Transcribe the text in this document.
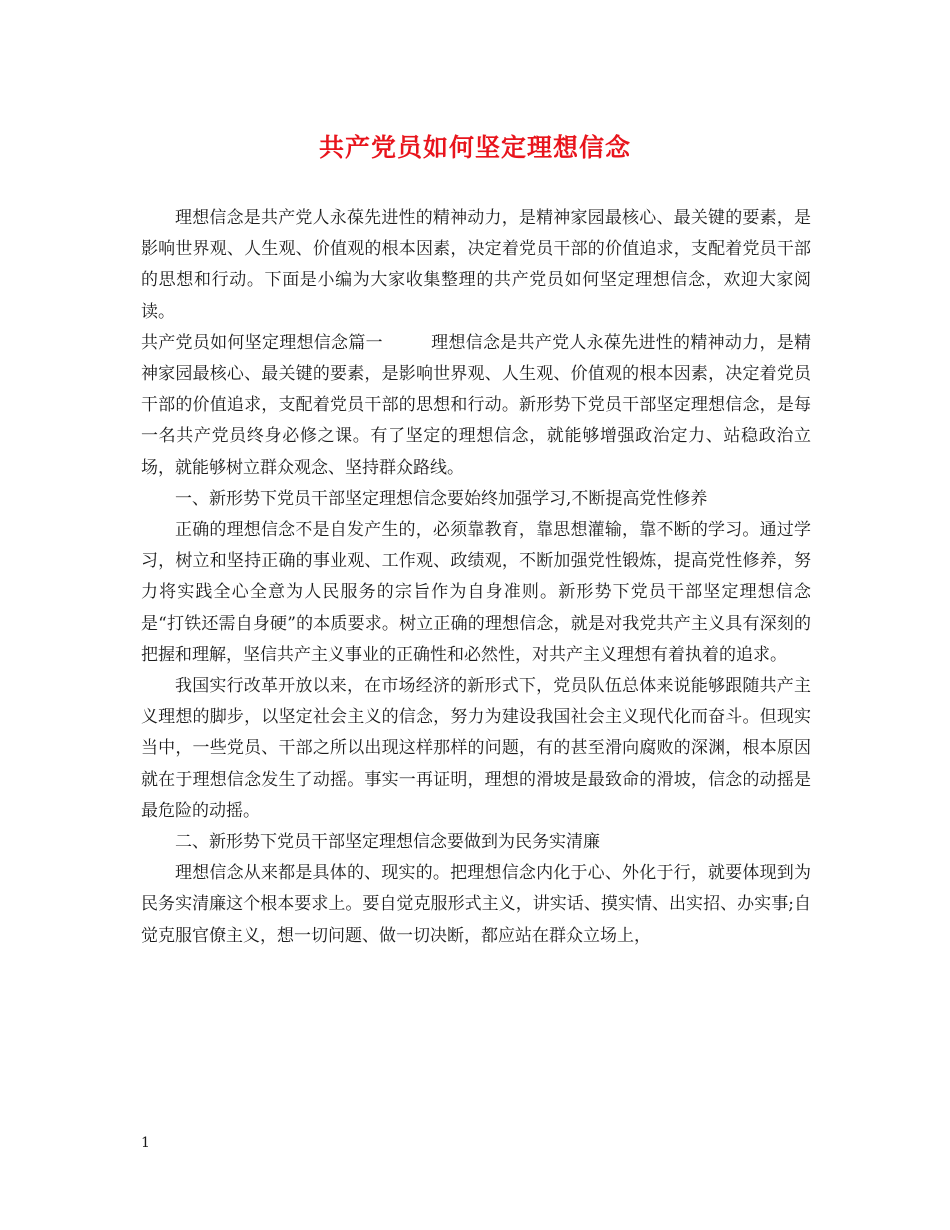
共产党员如何坚定理想信念

理想信念是共产党人永葆先进性的精神动力，是精神家园最核心、最关键的要素，是影响世界观、人生观、价值观的根本因素，决定着党员干部的价值追求，支配着党员干部的思想和行动。下面是小编为大家收集整理的共产党员如何坚定理想信念，欢迎大家阅读。

共产党员如何坚定理想信念篇一	理想信念是共产党人永葆先进性的精神动力，是精神家园最核心、最关键的要素，是影响世界观、人生观、价值观的根本因素，决定着党员干部的价值追求，支配着党员干部的思想和行动。新形势下党员干部坚定理想信念，是每一名共产党员终身必修之课。有了坚定的理想信念，就能够增强政治定力、站稳政治立场，就能够树立群众观念、坚持群众路线。

一、新形势下党员干部坚定理想信念要始终加强学习,不断提高党性修养

正确的理想信念不是自发产生的，必须靠教育，靠思想灌输，靠不断的学习。通过学习，树立和坚持正确的事业观、工作观、政绩观，不断加强党性锻炼，提高党性修养，努力将实践全心全意为人民服务的宗旨作为自身准则。新形势下党员干部坚定理想信念是“打铁还需自身硬”的本质要求。树立正确的理想信念，就是对我党共产主义具有深刻的把握和理解，坚信共产主义事业的正确性和必然性，对共产主义理想有着执着的追求。

我国实行改革开放以来，在市场经济的新形式下，党员队伍总体来说能够跟随共产主义理想的脚步，以坚定社会主义的信念，努力为建设我国社会主义现代化而奋斗。但现实当中，一些党员、干部之所以出现这样那样的问题，有的甚至滑向腐败的深渊，根本原因就在于理想信念发生了动摇。事实一再证明，理想的滑坡是最致命的滑坡，信念的动摇是最危险的动摇。

二、新形势下党员干部坚定理想信念要做到为民务实清廉

理想信念从来都是具体的、现实的。把理想信念内化于心、外化于行，就要体现到为民务实清廉这个根本要求上。要自觉克服形式主义，讲实话、摸实情、出实招、办实事;自觉克服官僚主义，想一切问题、做一切决断，都应站在群众立场上，

1
